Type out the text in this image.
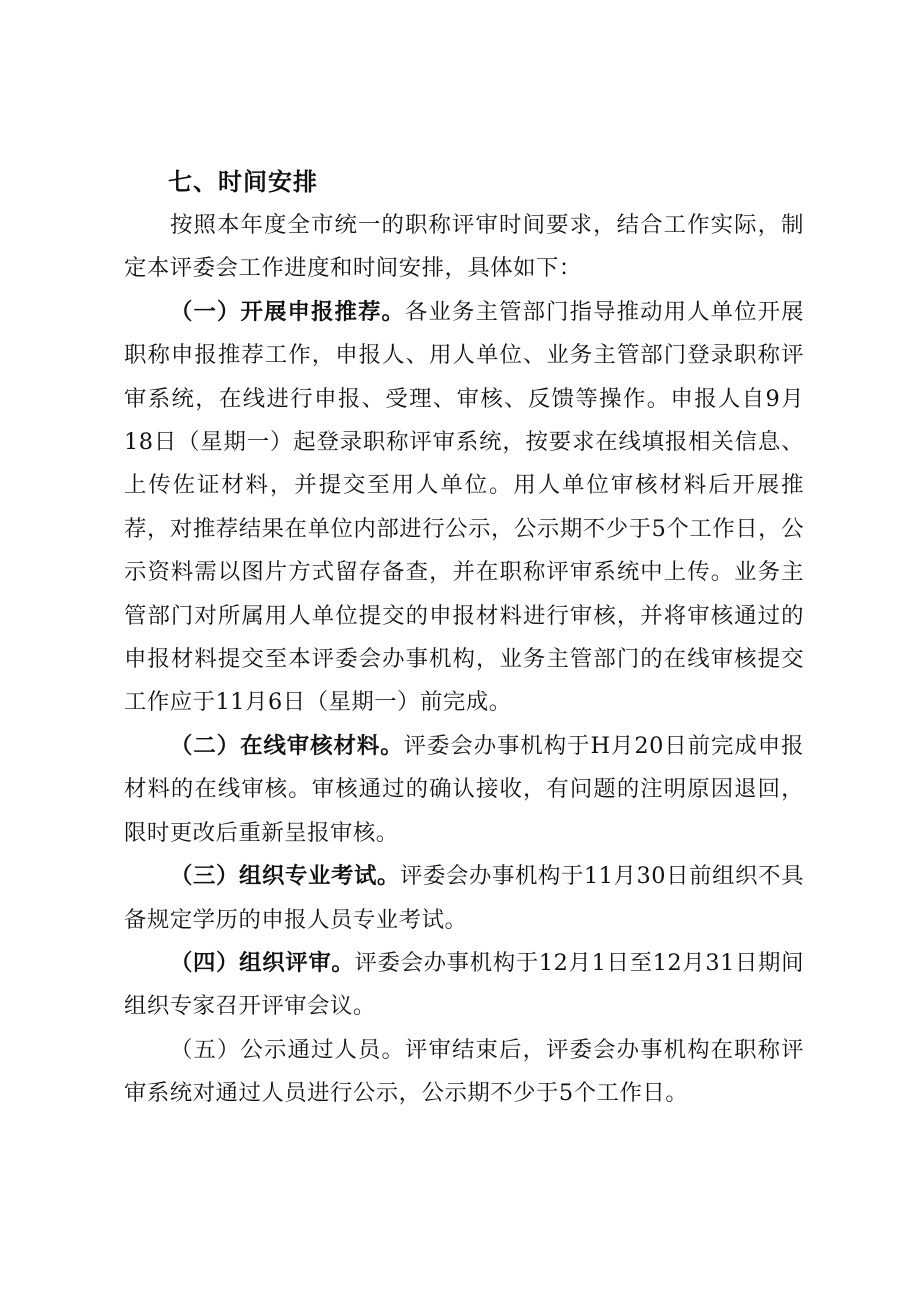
七、时间安排

按照本年度全市统一的职称评审时间要求，结合工作实际，制定本评委会工作进度和时间安排，具体如下：

（一）开展申报推荐。各业务主管部门指导推动用人单位开展职称申报推荐工作，申报人、用人单位、业务主管部门登录职称评审系统，在线进行申报、受理、审核、反馈等操作。申报人自9月18日（星期一）起登录职称评审系统，按要求在线填报相关信息、上传佐证材料，并提交至用人单位。用人单位审核材料后开展推荐，对推荐结果在单位内部进行公示，公示期不少于5个工作日，公示资料需以图片方式留存备查，并在职称评审系统中上传。业务主管部门对所属用人单位提交的申报材料进行审核，并将审核通过的申报材料提交至本评委会办事机构，业务主管部门的在线审核提交工作应于11月6日（星期一）前完成。

（二）在线审核材料。评委会办事机构于H月20日前完成申报材料的在线审核。审核通过的确认接收，有问题的注明原因退回，限时更改后重新呈报审核。

（三）组织专业考试。评委会办事机构于11月30日前组织不具备规定学历的申报人员专业考试。

（四）组织评审。评委会办事机构于12月1日至12月31日期间组织专家召开评审会议。

（五）公示通过人员。评审结束后，评委会办事机构在职称评审系统对通过人员进行公示，公示期不少于5个工作日。
